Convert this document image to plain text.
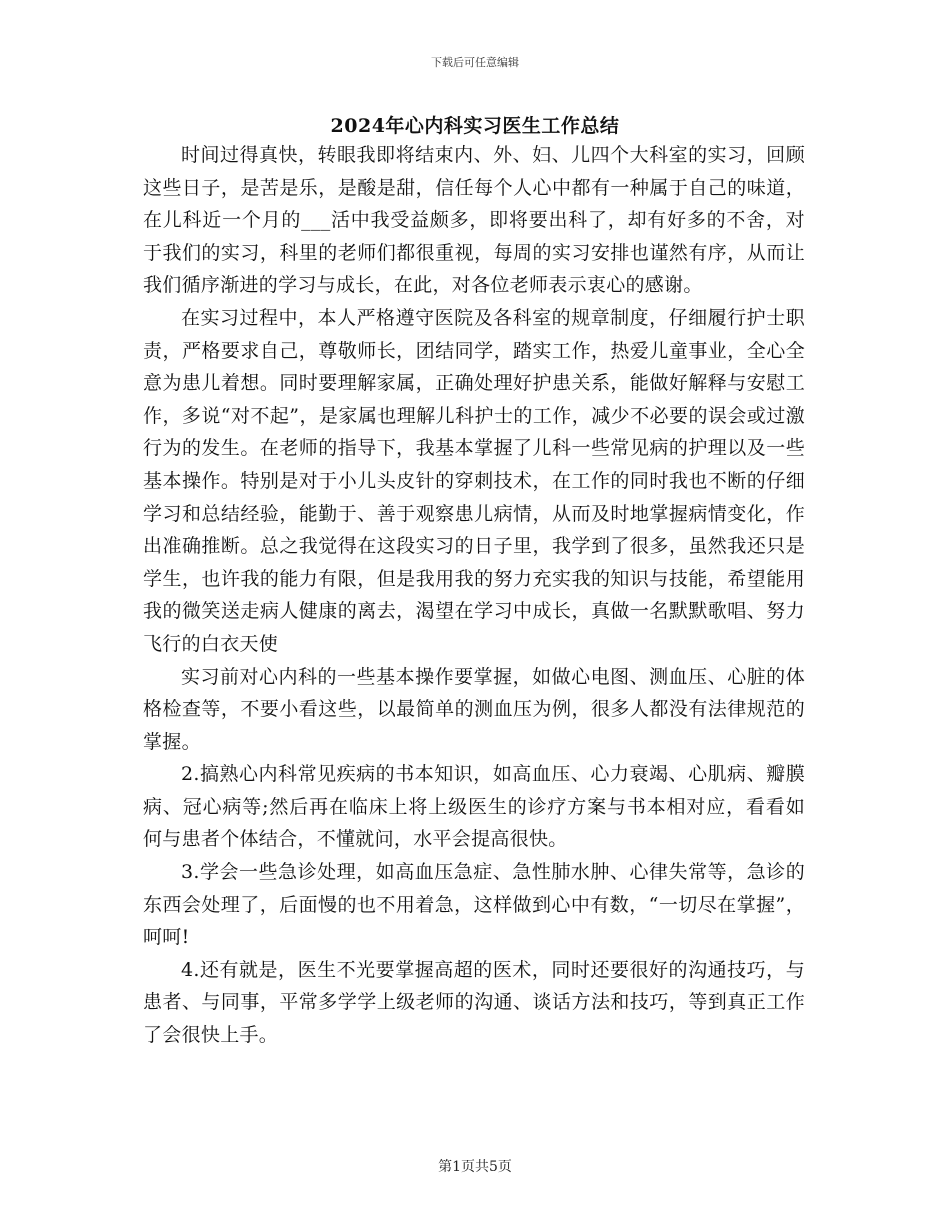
下载后可任意编辑
2024年心内科实习医生工作总结

时间过得真快，转眼我即将结束内、外、妇、儿四个大科室的实习，回顾这些日子，是苦是乐，是酸是甜，信任每个人心中都有一种属于自己的味道，在儿科近一个月的___活中我受益颇多，即将要出科了，却有好多的不舍，对于我们的实习，科里的老师们都很重视，每周的实习安排也谨然有序，从而让我们循序渐进的学习与成长，在此，对各位老师表示衷心的感谢。

在实习过程中，本人严格遵守医院及各科室的规章制度，仔细履行护士职责，严格要求自己，尊敬师长，团结同学，踏实工作，热爱儿童事业，全心全意为患儿着想。同时要理解家属，正确处理好护患关系，能做好解释与安慰工作，多说“对不起”，是家属也理解儿科护士的工作，减少不必要的误会或过激行为的发生。在老师的指导下，我基本掌握了儿科一些常见病的护理以及一些基本操作。特别是对于小儿头皮针的穿刺技术，在工作的同时我也不断的仔细学习和总结经验，能勤于、善于观察患儿病情，从而及时地掌握病情变化，作出准确推断。总之我觉得在这段实习的日子里，我学到了很多，虽然我还只是学生，也许我的能力有限，但是我用我的努力充实我的知识与技能，希望能用我的微笑送走病人健康的离去，渴望在学习中成长，真做一名默默歌唱、努力飞行的白衣天使

实习前对心内科的一些基本操作要掌握，如做心电图、测血压、心脏的体格检查等，不要小看这些，以最简单的测血压为例，很多人都没有法律规范的掌握。

2.搞熟心内科常见疾病的书本知识，如高血压、心力衰竭、心肌病、瓣膜病、冠心病等;然后再在临床上将上级医生的诊疗方案与书本相对应，看看如何与患者个体结合，不懂就问，水平会提高很快。

3.学会一些急诊处理，如高血压急症、急性肺水肿、心律失常等，急诊的东西会处理了，后面慢的也不用着急，这样做到心中有数，“一切尽在掌握”，呵呵!

4.还有就是，医生不光要掌握高超的医术，同时还要很好的沟通技巧，与患者、与同事，平常多学学上级老师的沟通、谈话方法和技巧，等到真正工作了会很快上手。

第1页共5页
